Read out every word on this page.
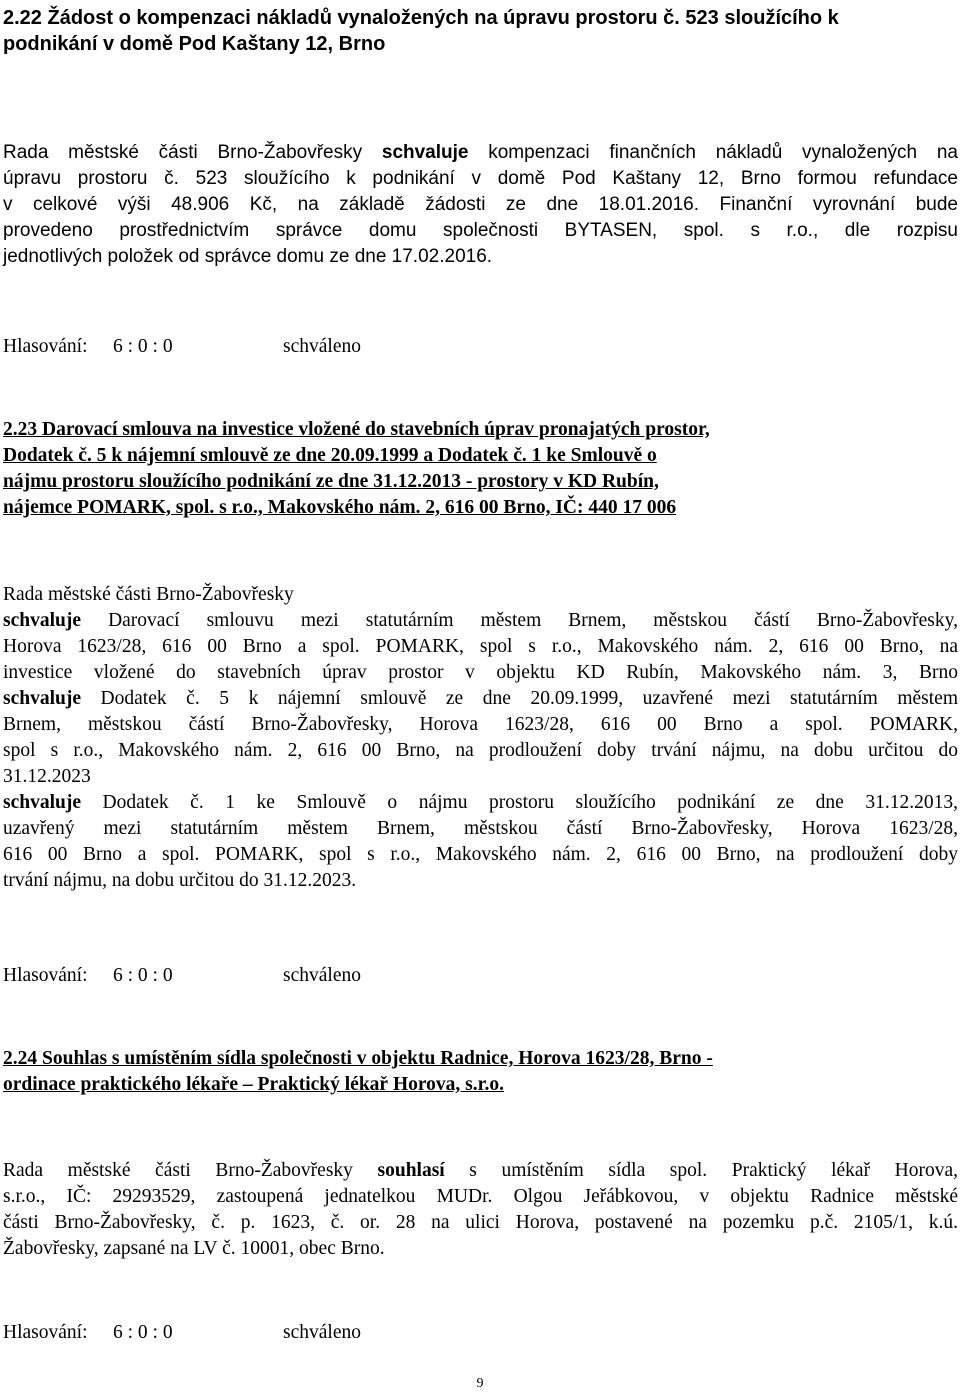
2.22 Žádost o kompenzaci nákladů vynaložených na úpravu prostoru č. 523 sloužícího k
podnikání v domě Pod Kaštany 12, Brno
Rada městské části Brno-Žabovřesky schvaluje kompenzaci finančních nákladů vynaložených na
úpravu prostoru č. 523 sloužícího k podnikání v domě Pod Kaštany 12, Brno formou refundace
v celkové výši 48.906 Kč, na základě žádosti ze dne 18.01.2016. Finanční vyrovnání bude
provedeno prostřednictvím správce domu společnosti BYTASEN, spol. s r.o., dle rozpisu
jednotlivých položek od správce domu ze dne 17.02.2016.
Hlasování: 6 : 0 : 0	schváleno
2.23 Darovací smlouva na investice vložené do stavebních úprav pronajatých prostor,
Dodatek č. 5 k nájemní smlouvě ze dne 20.09.1999 a Dodatek č. 1 ke Smlouvě o
nájmu prostoru sloužícího podnikání ze dne 31.12.2013 - prostory v KD Rubín,
nájemce POMARK, spol. s r.o., Makovského nám. 2, 616 00 Brno, IČ: 440 17 006
Rada městské části Brno-Žabovřesky
schvaluje Darovací smlouvu mezi statutárním městem Brnem, městskou částí Brno-Žabovřesky,
Horova 1623/28, 616 00 Brno a spol. POMARK, spol s r.o., Makovského nám. 2, 616 00 Brno, na
investice vložené do stavebních úprav prostor v objektu KD Rubín, Makovského nám. 3, Brno
schvaluje Dodatek č. 5 k nájemní smlouvě ze dne 20.09.1999, uzavřené mezi statutárním městem
Brnem, městskou částí Brno-Žabovřesky, Horova 1623/28, 616 00 Brno a spol. POMARK,
spol s r.o., Makovského nám. 2, 616 00 Brno, na prodloužení doby trvání nájmu, na dobu určitou do
31.12.2023
schvaluje Dodatek č. 1 ke Smlouvě o nájmu prostoru sloužícího podnikání ze dne 31.12.2013,
uzavřený mezi statutárním městem Brnem, městskou částí Brno-Žabovřesky, Horova 1623/28,
616 00 Brno a spol. POMARK, spol s r.o., Makovského nám. 2, 616 00 Brno, na prodloužení doby
trvání nájmu, na dobu určitou do 31.12.2023.
Hlasování: 6 : 0 : 0	schváleno
2.24 Souhlas s umístěním sídla společnosti v objektu Radnice, Horova 1623/28, Brno -
ordinace praktického lékaře – Praktický lékař Horova, s.r.o.
Rada městské části Brno-Žabovřesky souhlasí s umístěním sídla spol. Praktický lékař Horova,
s.r.o., IČ: 29293529, zastoupená jednatelkou MUDr. Olgou Jeřábkovou, v objektu Radnice městské
části Brno-Žabovřesky, č. p. 1623, č. or. 28 na ulici Horova, postavené na pozemku p.č. 2105/1, k.ú.
Žabovřesky, zapsané na LV č. 10001, obec Brno.
Hlasování: 6 : 0 : 0	schváleno
9
